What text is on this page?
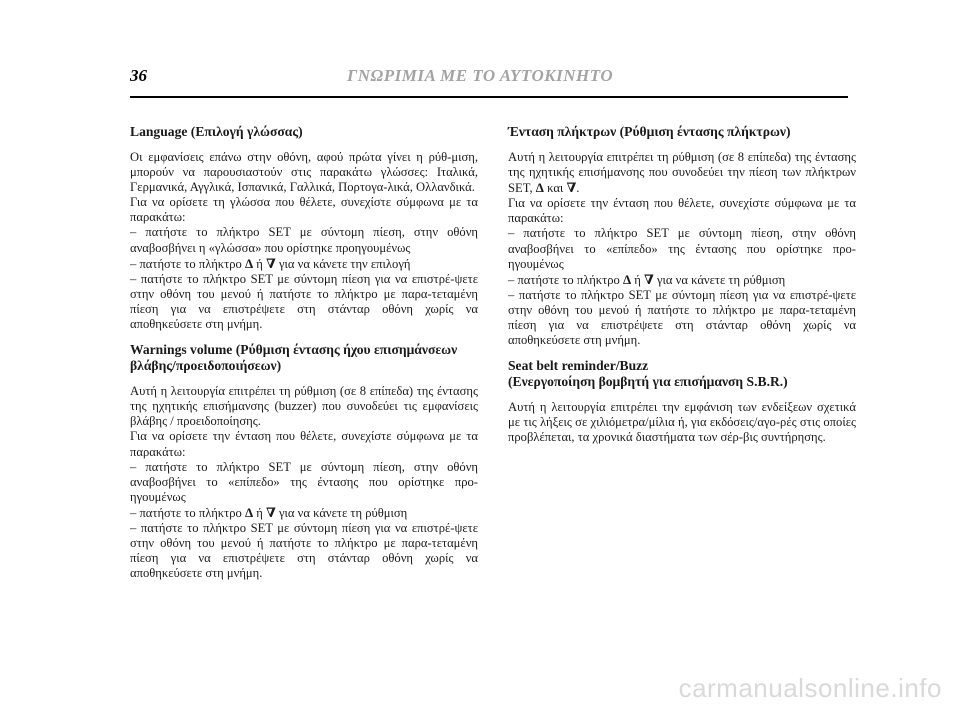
36	ΓΝΩΡΙΜΙΑ ΜΕ ΤΟ ΑΥΤΟΚΙΝΗΤΟ
Language (Επιλογή γλώσσας)

Οι εμφανίσεις επάνω στην οθόνη, αφού πρώτα γίνει η ρύθ-μιση, μπορούν να παρουσιαστούν στις παρακάτω γλώσσες: Ιταλικά, Γερμανικά, Αγγλικά, Ισπανικά, Γαλλικά, Πορτογα-λικά, Ολλανδικά.

Για να ορίσετε τη γλώσσα που θέλετε, συνεχίστε σύμφωνα με τα παρακάτω:

– πατήστε το πλήκτρο SET με σύντομη πίεση, στην οθόνη αναβοσβήνει η «γλώσσα» που ορίστηκε προηγουμένως

– πατήστε το πλήκτρο Δ ή ∇ για να κάνετε την επιλογή

– πατήστε το πλήκτρο SET με σύντομη πίεση για να επιστρέ-ψετε στην οθόνη του μενού ή πατήστε το πλήκτρο με παρα-τεταμένη πίεση για να επιστρέψετε στη στάνταρ οθόνη χωρίς να αποθηκεύσετε στη μνήμη.

Warnings volume (Ρύθμιση έντασης ήχου επισημάνσεων βλάβης/προειδοποιήσεων)

Αυτή η λειτουργία επιτρέπει τη ρύθμιση (σε 8 επίπεδα) της έντασης της ηχητικής επισήμανσης (buzzer) που συνοδεύει τις εμφανίσεις βλάβης / προειδοποίησης.

Για να ορίσετε την ένταση που θέλετε, συνεχίστε σύμφωνα με τα παρακάτω:

– πατήστε το πλήκτρο SET με σύντομη πίεση, στην οθόνη αναβοσβήνει το «επίπεδο» της έντασης που ορίστηκε προ-ηγουμένως

– πατήστε το πλήκτρο Δ ή ∇ για να κάνετε τη ρύθμιση

– πατήστε το πλήκτρο SET με σύντομη πίεση για να επιστρέ-ψετε στην οθόνη του μενού ή πατήστε το πλήκτρο με παρα-τεταμένη πίεση για να επιστρέψετε στη στάνταρ οθόνη χωρίς να αποθηκεύσετε στη μνήμη.

Ένταση πλήκτρων (Ρύθμιση έντασης πλήκτρων)

Αυτή η λειτουργία επιτρέπει τη ρύθμιση (σε 8 επίπεδα) της έντασης της ηχητικής επισήμανσης που συνοδεύει την πίεση των πλήκτρων SET, Δ και ∇.

Για να ορίσετε την ένταση που θέλετε, συνεχίστε σύμφωνα με τα παρακάτω:

– πατήστε το πλήκτρο SET με σύντομη πίεση, στην οθόνη αναβοσβήνει το «επίπεδο» της έντασης που ορίστηκε προ-ηγουμένως

– πατήστε το πλήκτρο Δ ή ∇ για να κάνετε τη ρύθμιση

– πατήστε το πλήκτρο SET με σύντομη πίεση για να επιστρέ-ψετε στην οθόνη του μενού ή πατήστε το πλήκτρο με παρα-τεταμένη πίεση για να επιστρέψετε στη στάνταρ οθόνη χωρίς να αποθηκεύσετε στη μνήμη.

Seat belt reminder/Buzz
(Ενεργοποίηση βομβητή για επισήμανση S.B.R.)

Αυτή η λειτουργία επιτρέπει την εμφάνιση των ενδείξεων σχετικά με τις λήξεις σε χιλιόμετρα/μίλια ή, για εκδόσεις/αγο-ρές στις οποίες προβλέπεται, τα χρονικά διαστήματα των σέρ-βις συντήρησης.

carmanualsonline.info
